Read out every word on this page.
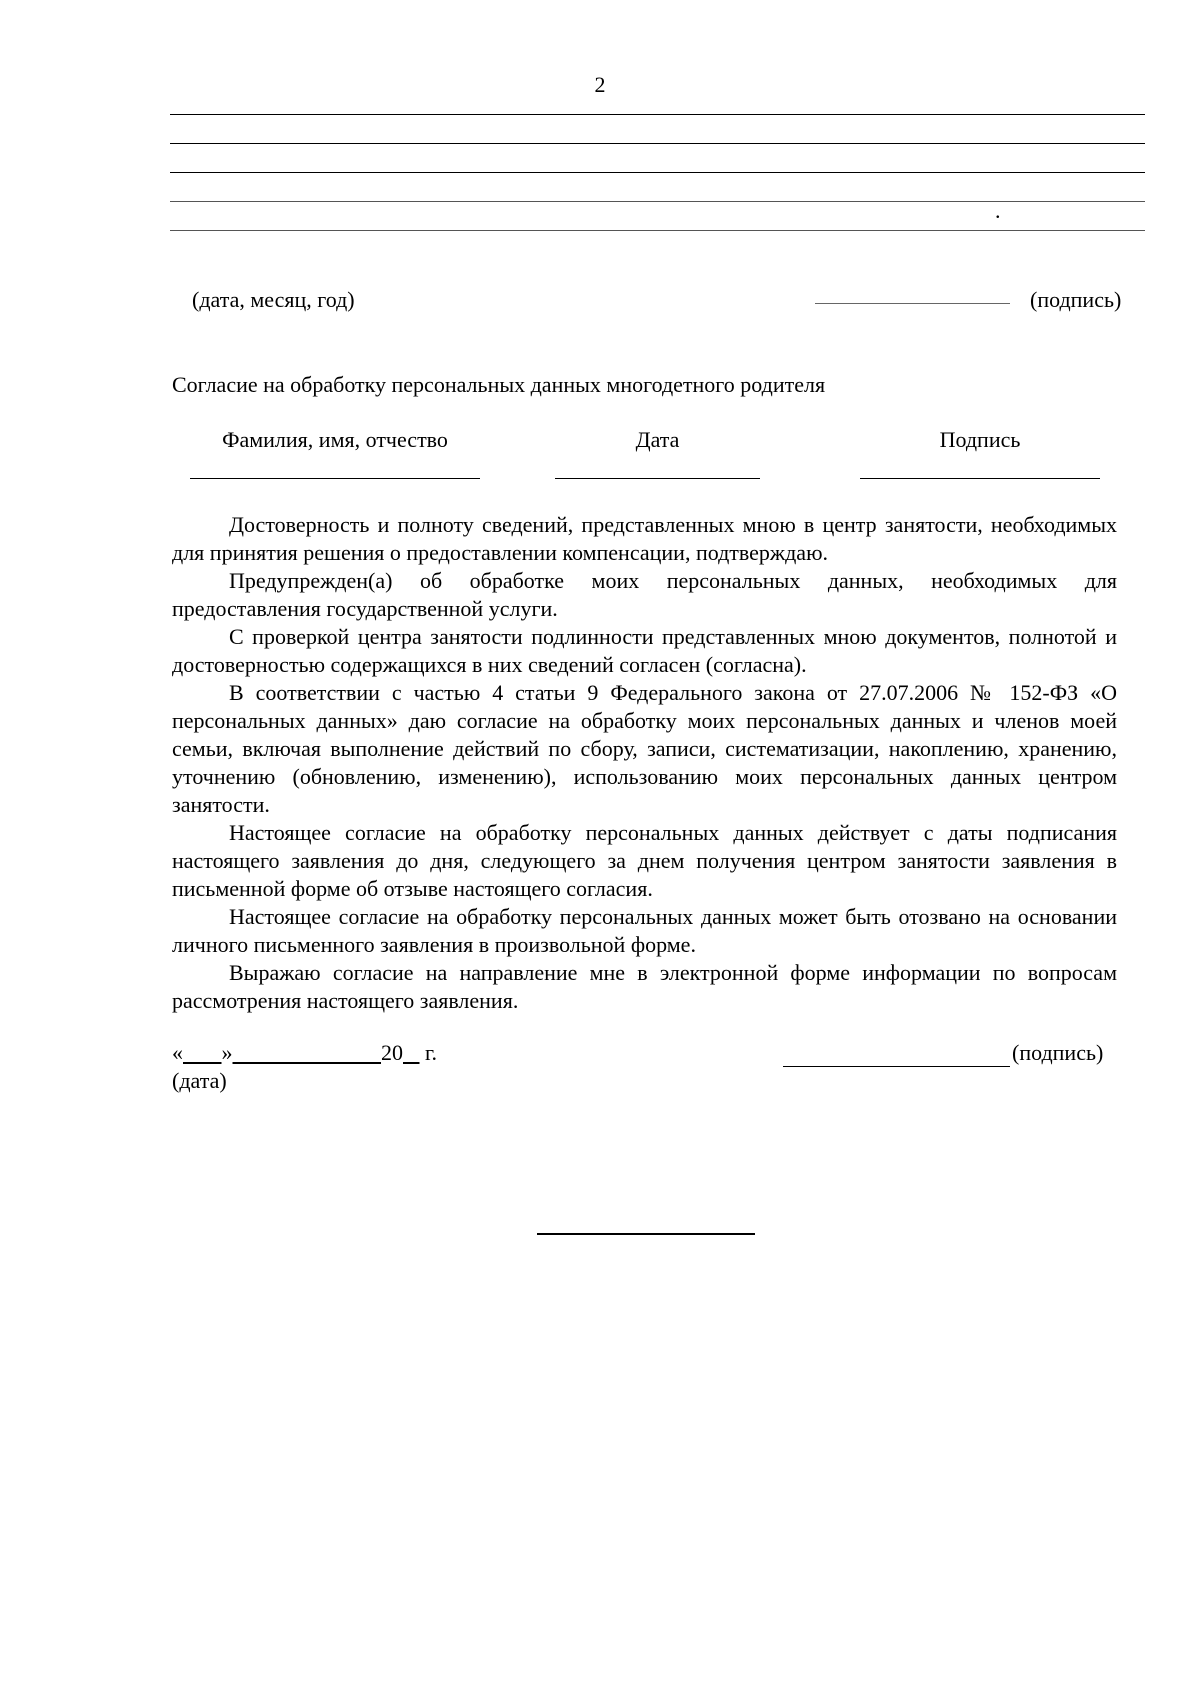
2
.
(дата, месяц, год)	(подпись)
Согласие на обработку персональных данных многодетного родителя
Фамилия, имя, отчество	Дата	Подпись

Достоверность и полноту сведений, представленных мною в центр занятости, необходимых для принятия решения о предоставлении компенсации, подтверждаю.

Предупрежден(а) об обработке моих персональных данных, необходимых для предоставления государственной услуги.

С проверкой центра занятости подлинности представленных мною документов, полнотой и достоверностью содержащихся в них сведений согласен (согласна).

В соответствии с частью 4 статьи 9 Федерального закона от 27.07.2006 № 152-ФЗ «О персональных данных» даю согласие на обработку моих персональных данных и членов моей семьи, включая выполнение действий по сбору, записи, систематизации, накоплению, хранению, уточнению (обновлению, изменению), использованию моих персональных данных центром занятости.

Настоящее согласие на обработку персональных данных действует с даты подписания настоящего заявления до дня, следующего за днем получения центром занятости заявления в письменной форме об отзыве настоящего согласия.

Настоящее согласие на обработку персональных данных может быть отозвано на основании личного письменного заявления в произвольной форме.

Выражаю согласие на направление мне в электронной форме информации по вопросам рассмотрения настоящего заявления.

« »	20 г.
(дата)
(подпись)
